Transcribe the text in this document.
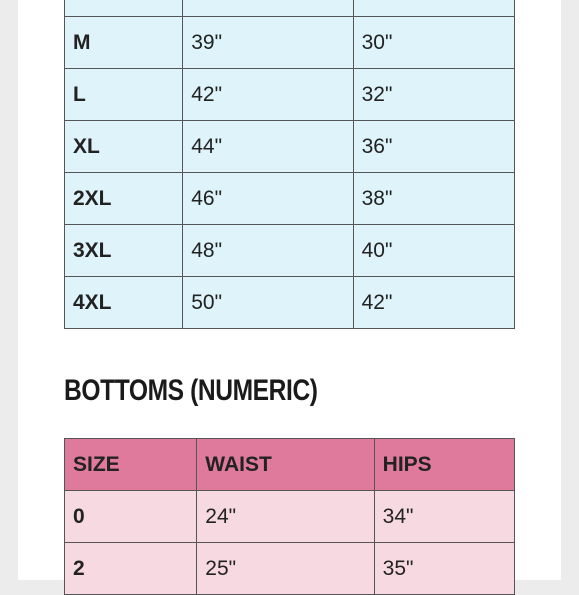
M	39"	30"
L	42"	32"
XL	44"	36"
2XL	46"	38"
3XL	48"	40"
4XL	50"	42"
BOTTOMS (NUMERIC)
SIZE	WAIST	HIPS
0	24"	34"
2	25"	35"
